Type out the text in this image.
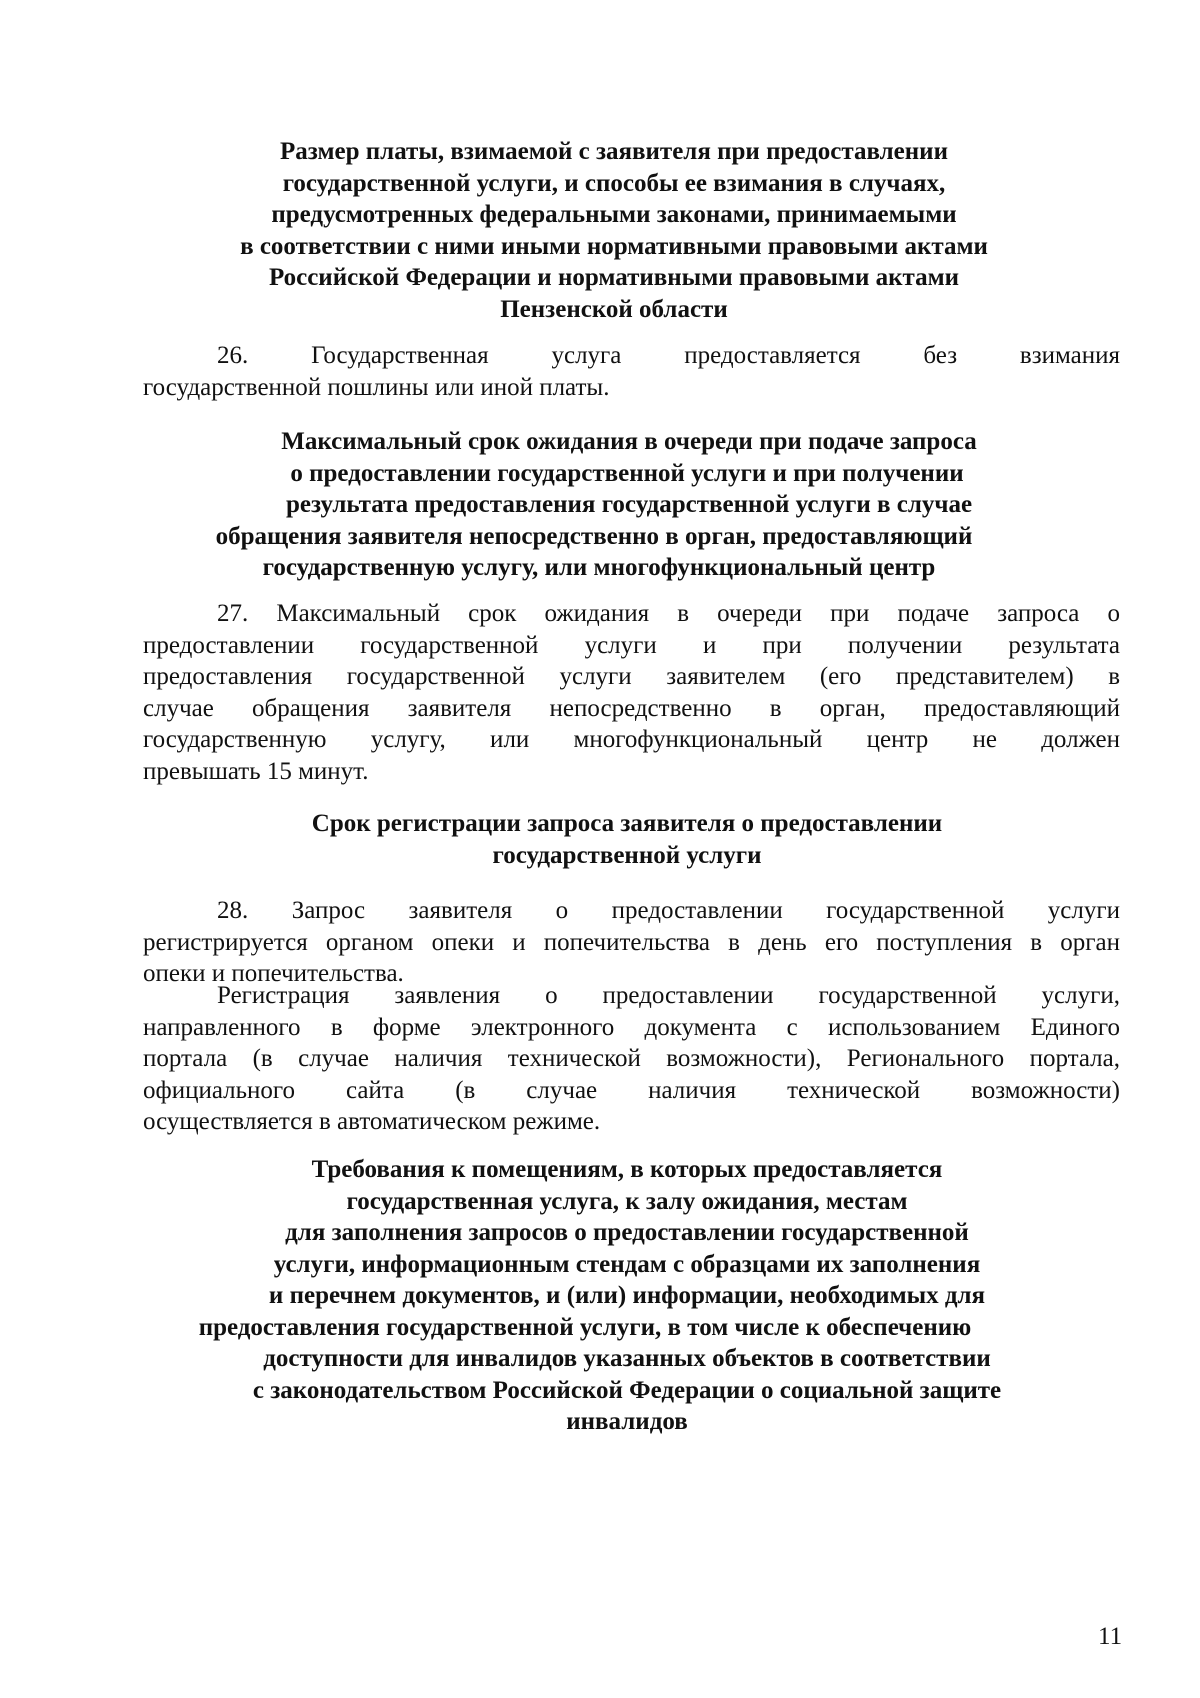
Размер платы, взимаемой с заявителя при предоставлении
государственной услуги, и способы ее взимания в случаях,
предусмотренных федеральными законами, принимаемыми
в соответствии с ними иными нормативными правовыми актами
Российской Федерации и нормативными правовыми актами
Пензенской области
26. Государственная услуга предоставляется без взимания
государственной пошлины или иной платы.
Максимальный срок ожидания в очереди при подаче запроса
о предоставлении государственной услуги и при получении
результата предоставления государственной услуги в случае
обращения заявителя непосредственно в орган, предоставляющий
государственную услугу, или многофункциональный центр
27. Максимальный срок ожидания в очереди при подаче запроса о
предоставлении государственной услуги и при получении результата
предоставления государственной услуги заявителем (его представителем) в
случае обращения заявителя непосредственно в орган, предоставляющий
государственную услугу, или многофункциональный центр не должен
превышать 15 минут.
Срок регистрации запроса заявителя о предоставлении
государственной услуги
28. Запрос заявителя о предоставлении государственной услуги
регистрируется органом опеки и попечительства в день его поступления в орган
опеки и попечительства.
Регистрация заявления о предоставлении государственной услуги,
направленного в форме электронного документа с использованием Единого
портала (в случае наличия технической возможности), Регионального портала,
официального сайта (в случае наличия технической возможности)
осуществляется в автоматическом режиме.
Требования к помещениям, в которых предоставляется
государственная услуга, к залу ожидания, местам
для заполнения запросов о предоставлении государственной
услуги, информационным стендам с образцами их заполнения
и перечнем документов, и (или) информации, необходимых для
предоставления государственной услуги, в том числе к обеспечению
доступности для инвалидов указанных объектов в соответствии
с законодательством Российской Федерации о социальной защите
инвалидов
11
